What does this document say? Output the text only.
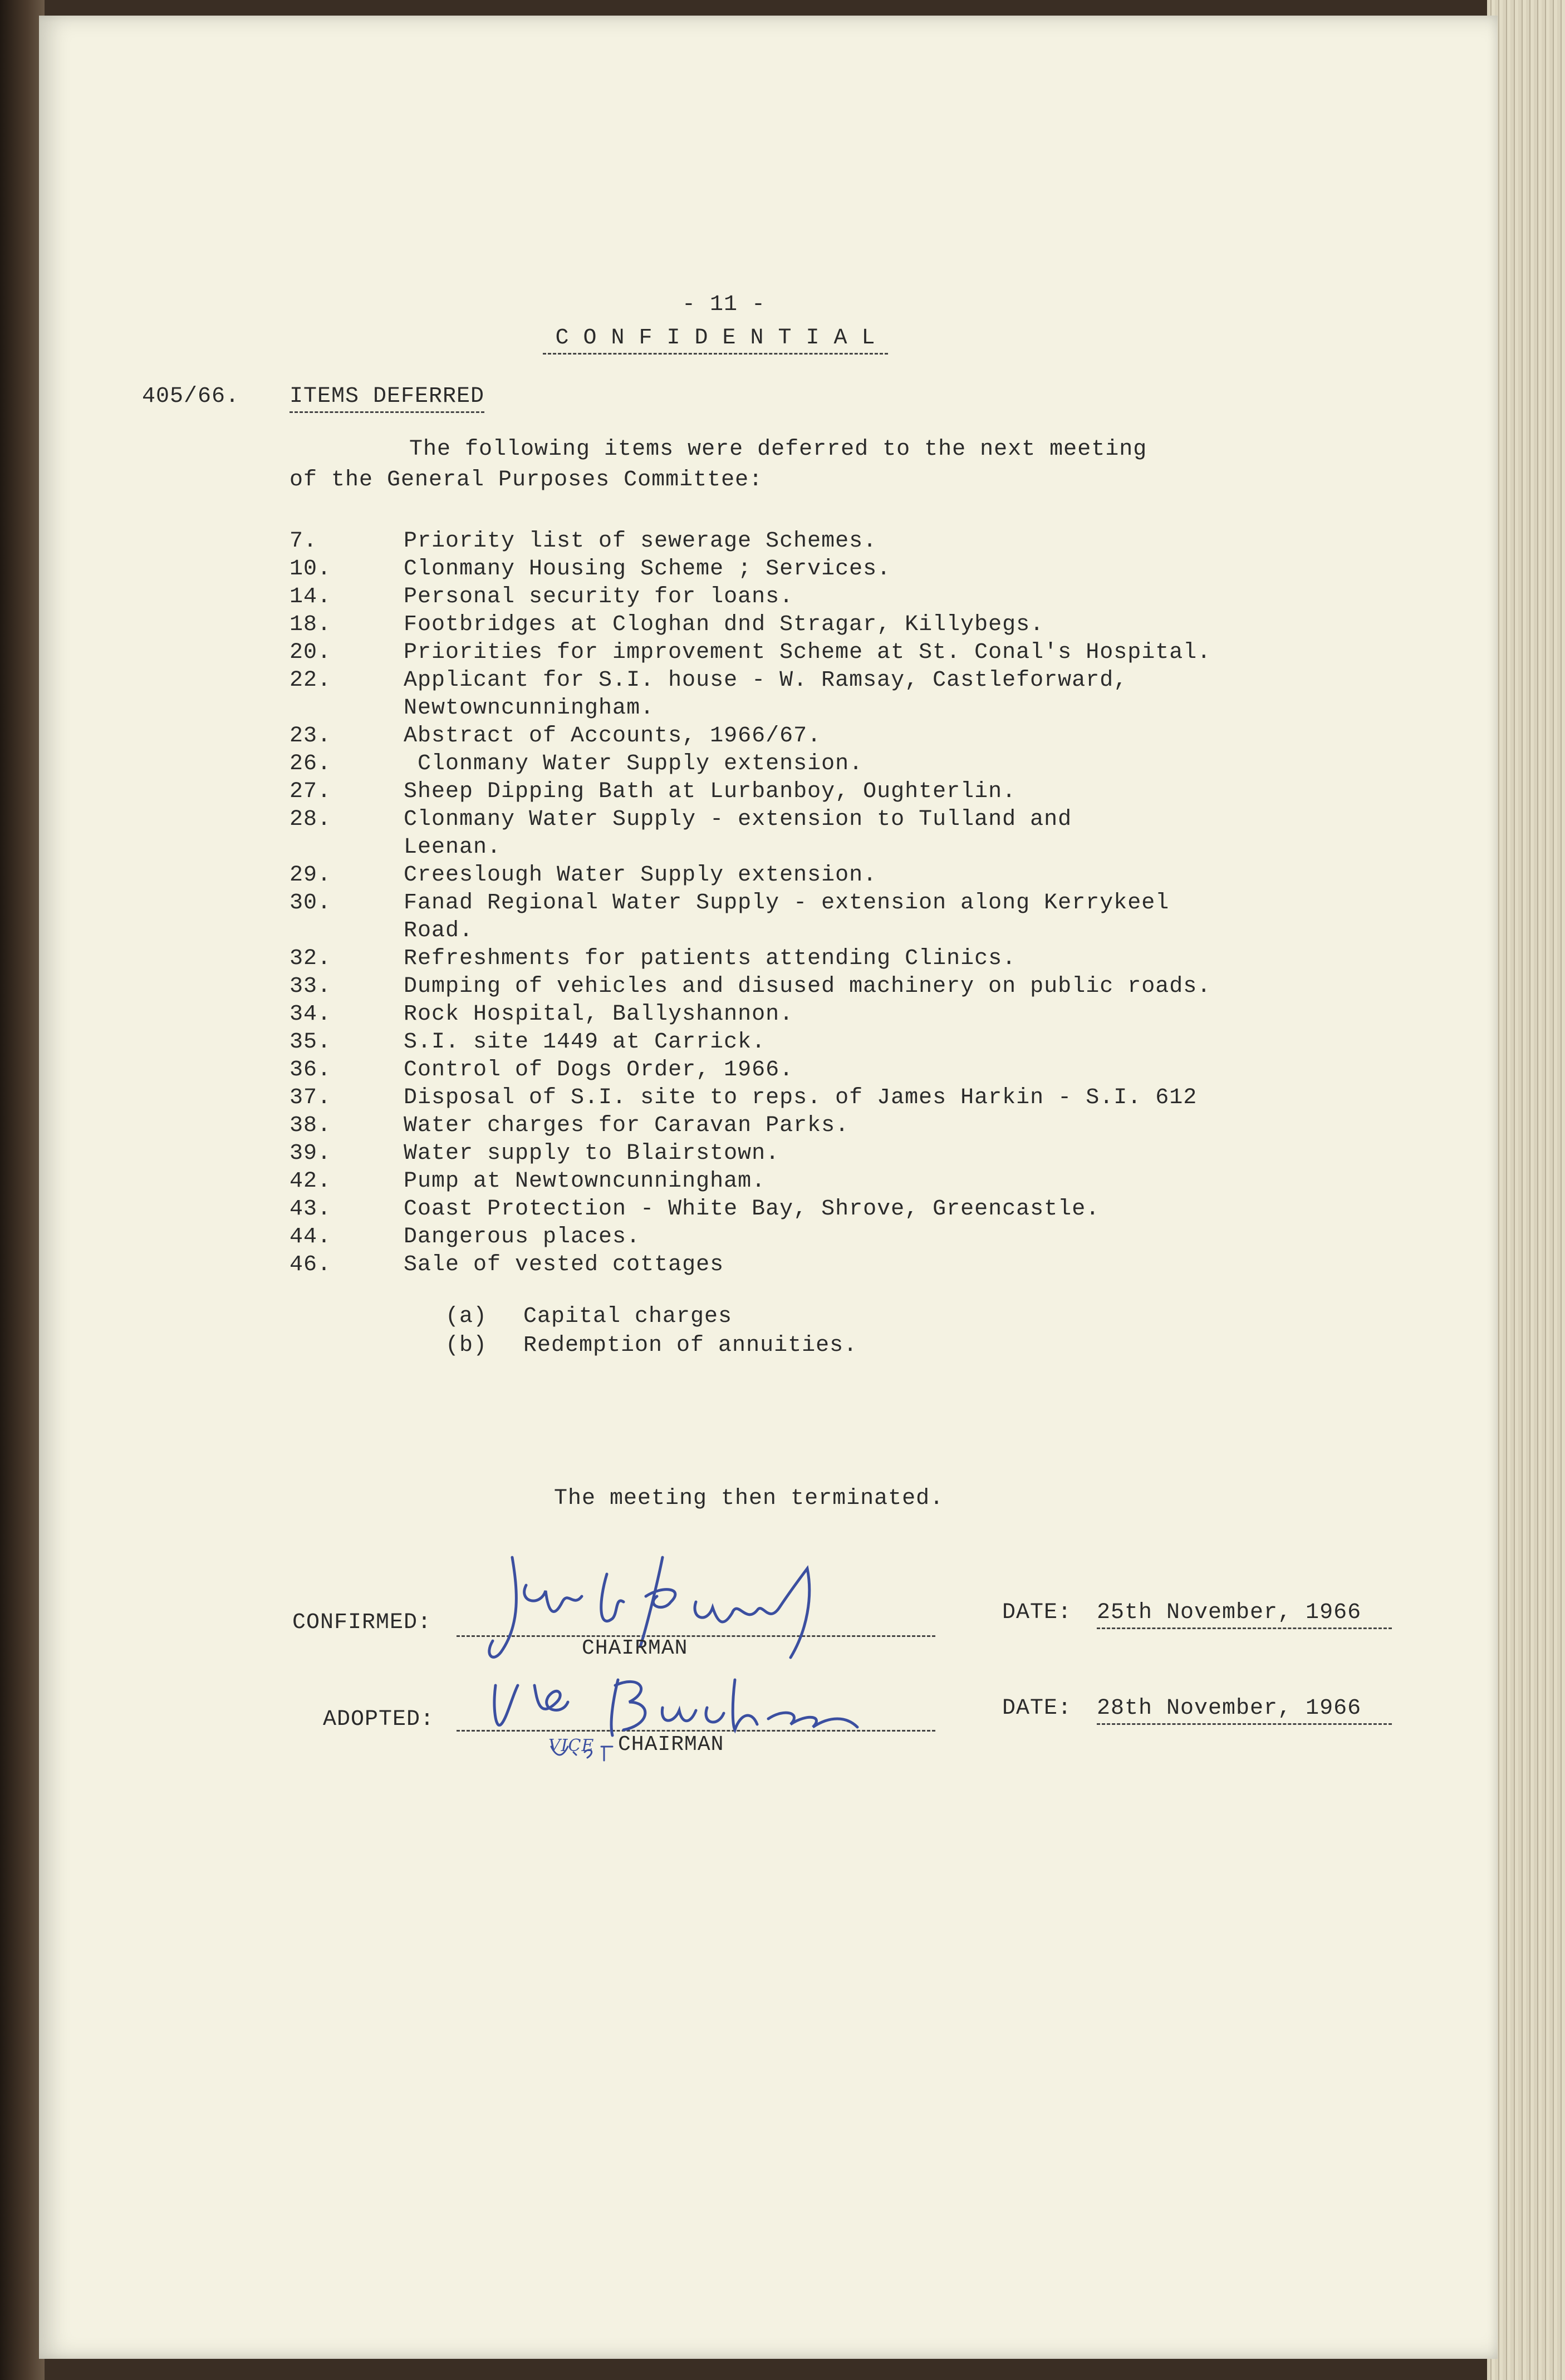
- 11 -
C O N F I D E N T I A L
405/66. ITEMS DEFERRED
The following items were deferred to the next meeting
of the General Purposes Committee:
7.	Priority list of sewerage Schemes.
10.	Clonmany Housing Scheme ; Services.
14.	Personal security for loans.
18.	Footbridges at Cloghan dnd Stragar, Killybegs.
20.	Priorities for improvement Scheme at St. Conal's Hospital.
22.	Applicant for S.I. house - W. Ramsay, Castleforward,
Newtowncunningham.
23.	Abstract of Accounts, 1966/67.
26.	Clonmany Water Supply extension.
27.	Sheep Dipping Bath at Lurbanboy, Oughterlin.
28.	Clonmany Water Supply - extension to Tulland and
Leenan.
29.	Creeslough Water Supply extension.
30.	Fanad Regional Water Supply - extension along Kerrykeel
Road.
32.	Refreshments for patients attending Clinics.
33.	Dumping of vehicles and disused machinery on public roads.
34.	Rock Hospital, Ballyshannon.
35.	S.I. site 1449 at Carrick.
36.	Control of Dogs Order, 1966.
37.	Disposal of S.I. site to reps. of James Harkin - S.I. 612
38.	Water charges for Caravan Parks.
39.	Water supply to Blairstown.
42.	Pump at Newtowncunningham.
43.	Coast Protection - White Bay, Shrove, Greencastle.
44.	Dangerous places.
46.	Sale of vested cottages
(a) Capital charges
(b) Redemption of annuities.
The meeting then terminated.
CONFIRMED:
CHAIRMAN
DATE: 25th November, 1966
ADOPTED:
VICE CHAIRMAN
DATE: 28th November, 1966
